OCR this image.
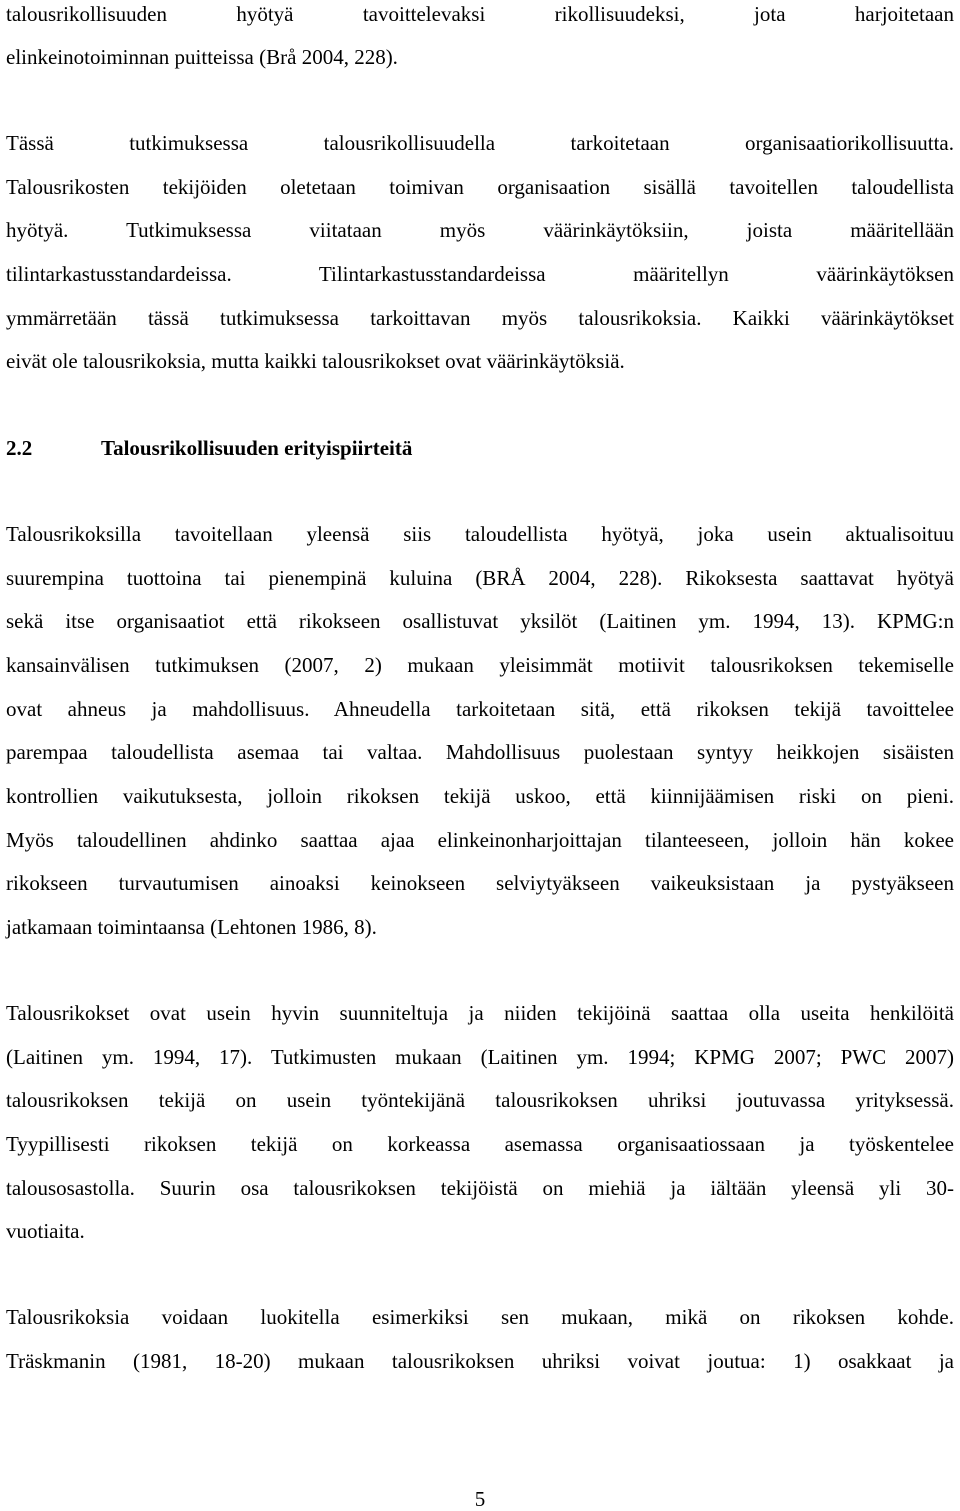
talousrikollisuuden hyötyä tavoittelevaksi rikollisuudeksi, jota harjoitetaan
elinkeinotoiminnan puitteissa (Brå 2004, 228).
Tässä tutkimuksessa talousrikollisuudella tarkoitetaan organisaatiorikollisuutta.
Talousrikosten tekijöiden oletetaan toimivan organisaation sisällä tavoitellen taloudellista
hyötyä. Tutkimuksessa viitataan myös väärinkäytöksiin, joista määritellään
tilintarkastusstandardeissa. Tilintarkastusstandardeissa määritellyn väärinkäytöksen
ymmärretään tässä tutkimuksessa tarkoittavan myös talousrikoksia. Kaikki väärinkäytökset
eivät ole talousrikoksia, mutta kaikki talousrikokset ovat väärinkäytöksiä.
2.2	Talousrikollisuuden erityispiirteitä
Talousrikoksilla tavoitellaan yleensä siis taloudellista hyötyä, joka usein aktualisoituu
suurempina tuottoina tai pienempinä kuluina (BRÅ 2004, 228). Rikoksesta saattavat hyötyä
sekä itse organisaatiot että rikokseen osallistuvat yksilöt (Laitinen ym. 1994, 13). KPMG:n
kansainvälisen tutkimuksen (2007, 2) mukaan yleisimmät motiivit talousrikoksen tekemiselle
ovat ahneus ja mahdollisuus. Ahneudella tarkoitetaan sitä, että rikoksen tekijä tavoittelee
parempaa taloudellista asemaa tai valtaa. Mahdollisuus puolestaan syntyy heikkojen sisäisten
kontrollien vaikutuksesta, jolloin rikoksen tekijä uskoo, että kiinnijäämisen riski on pieni.
Myös taloudellinen ahdinko saattaa ajaa elinkeinonharjoittajan tilanteeseen, jolloin hän kokee
rikokseen turvautumisen ainoaksi keinokseen selviytyäkseen vaikeuksistaan ja pystyäkseen
jatkamaan toimintaansa (Lehtonen 1986, 8).
Talousrikokset ovat usein hyvin suunniteltuja ja niiden tekijöinä saattaa olla useita henkilöitä
(Laitinen ym. 1994, 17). Tutkimusten mukaan (Laitinen ym. 1994; KPMG 2007; PWC 2007)
talousrikoksen tekijä on usein työntekijänä talousrikoksen uhriksi joutuvassa yrityksessä.
Tyypillisesti rikoksen tekijä on korkeassa asemassa organisaatiossaan ja työskentelee
talousosastolla. Suurin osa talousrikoksen tekijöistä on miehiä ja iältään yleensä yli 30-
vuotiaita.
Talousrikoksia voidaan luokitella esimerkiksi sen mukaan, mikä on rikoksen kohde.
Träskmanin (1981, 18-20) mukaan talousrikoksen uhriksi voivat joutua: 1) osakkaat ja
5
